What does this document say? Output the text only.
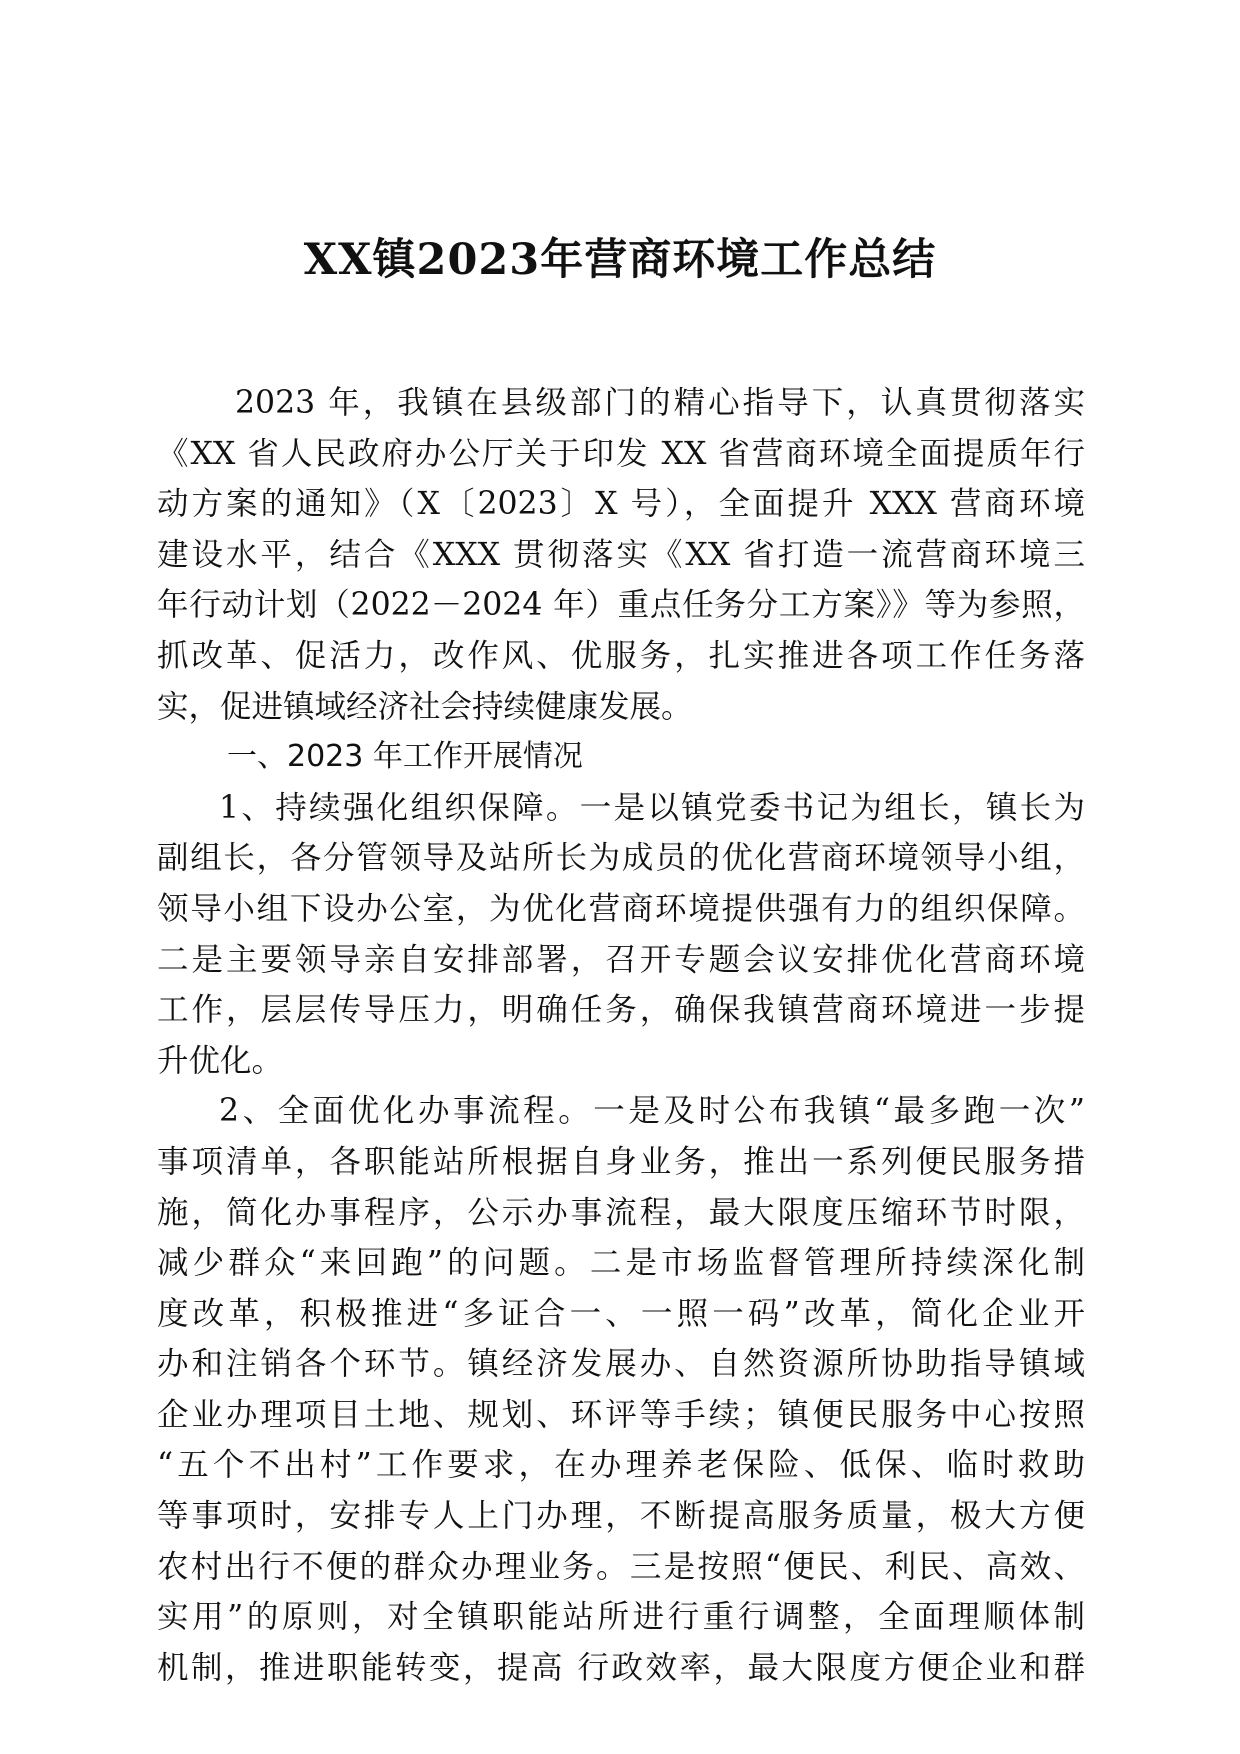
XX镇2023年营商环境工作总结
2023 年，我镇在县级部门的精心指导下，认真贯彻落实
《XX 省人民政府办公厅关于印发 XX 省营商环境全面提质年行
动方案的通知》（X〔2023〕X 号），全面提升 XXX 营商环境
建设水平，结合《XXX 贯彻落实《XX 省打造一流营商环境三
年行动计划（2022－2024 年）重点任务分工方案》》等为参照，
抓改革、促活力，改作风、优服务，扎实推进各项工作任务落
实，促进镇域经济社会持续健康发展。
一、2023 年工作开展情况
1、持续强化组织保障。一是以镇党委书记为组长，镇长为
副组长，各分管领导及站所长为成员的优化营商环境领导小组，
领导小组下设办公室，为优化营商环境提供强有力的组织保障。
二是主要领导亲自安排部署，召开专题会议安排优化营商环境
工作，层层传导压力，明确任务，确保我镇营商环境进一步提
升优化。
2、全面优化办事流程。一是及时公布我镇“最多跑一次”
事项清单，各职能站所根据自身业务，推出一系列便民服务措
施，简化办事程序，公示办事流程，最大限度压缩环节时限，
减少群众“来回跑”的问题。二是市场监督管理所持续深化制
度改革，积极推进“多证合一、一照一码”改革，简化企业开
办和注销各个环节。镇经济发展办、自然资源所协助指导镇域
企业办理项目土地、规划、环评等手续；镇便民服务中心按照
“五个不出村”工作要求，在办理养老保险、低保、临时救助
等事项时，安排专人上门办理，不断提高服务质量，极大方便
农村出行不便的群众办理业务。三是按照“便民、利民、高效、
实用”的原则，对全镇职能站所进行重行调整，全面理顺体制
机制，推进职能转变，提高 行政效率，最大限度方便企业和群
